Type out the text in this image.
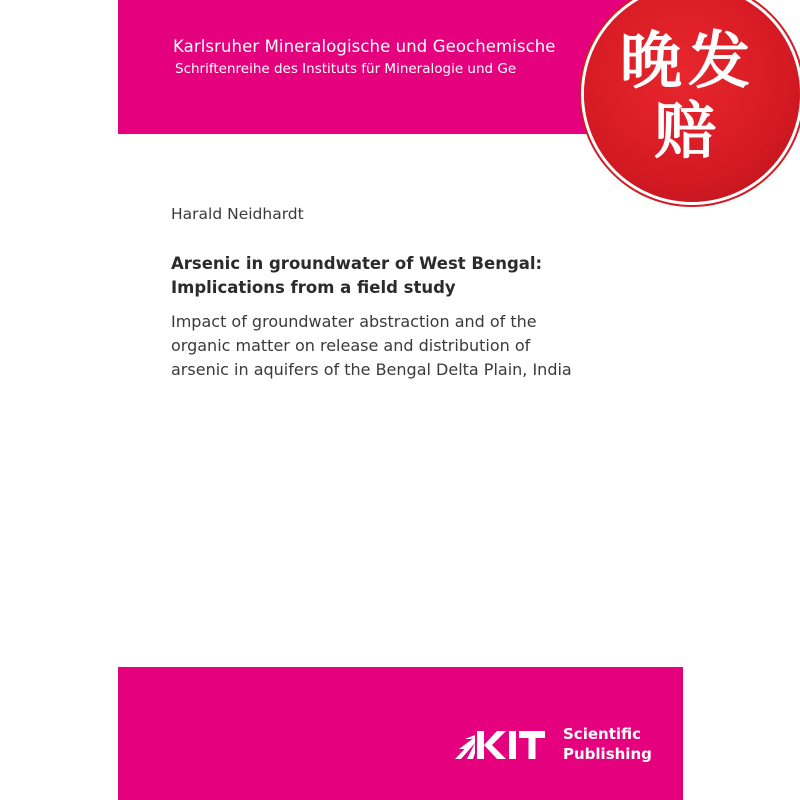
Karlsruher Mineralogische und Geochemische
Schriftenreihe des Instituts für Mineralogie und Ge
Harald Neidhardt
Arsenic in groundwater of West Bengal:
Implications from a field study
Impact of groundwater abstraction and of the
organic matter on release and distribution of
arsenic in aquifers of the Bengal Delta Plain, India
Scientific
Publishing
晚 发
赔
